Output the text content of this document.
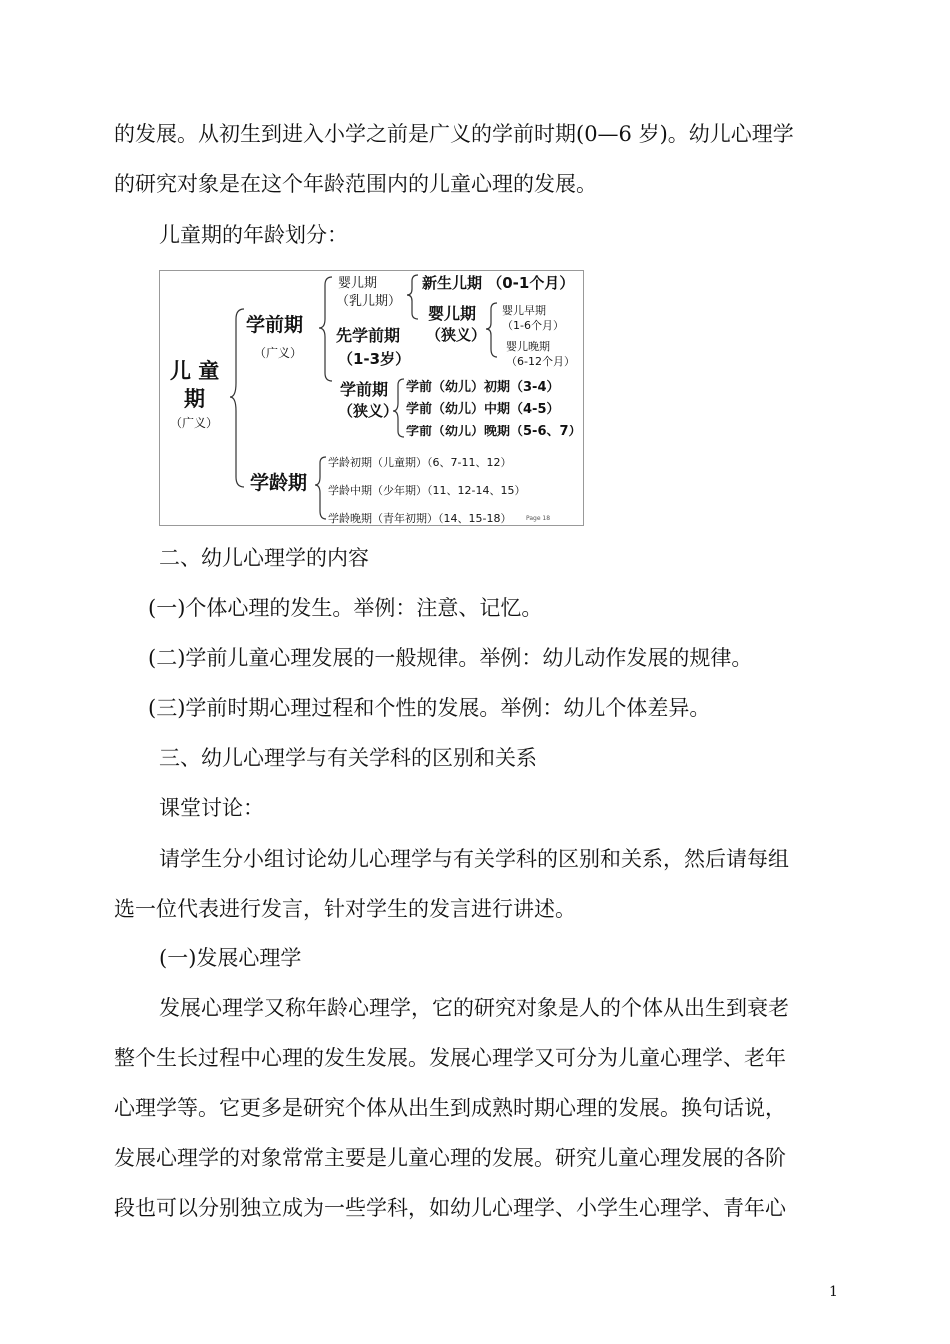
的发展。从初生到进入小学之前是广义的学前时期(0—6 岁)。幼儿心理学
的研究对象是在这个年龄范围内的儿童心理的发展。
儿童期的年龄划分：
儿 童
期
（广义）
学前期
（广义）
婴儿期
（乳儿期）
新生儿期 （0-1个月）
婴儿期
（狭义）
婴儿早期
（1-6个月）
婴儿晚期
（6-12个月）
先学前期
（1-3岁）
学前期
（狭义）
学前（幼儿）初期（3-4）
学前（幼儿）中期（4-5）
学前（幼儿）晚期（5-6、7）
学龄期
学龄初期（儿童期）（6、7-11、12）
学龄中期（少年期）（11、12-14、15）
学龄晚期（青年初期）（14、15-18） Page 18
二、幼儿心理学的内容
(一)个体心理的发生。举例：注意、记忆。
(二)学前儿童心理发展的一般规律。举例：幼儿动作发展的规律。
(三)学前时期心理过程和个性的发展。举例：幼儿个体差异。
三、幼儿心理学与有关学科的区别和关系
课堂讨论：
请学生分小组讨论幼儿心理学与有关学科的区别和关系，然后请每组
选一位代表进行发言，针对学生的发言进行讲述。
(一)发展心理学
发展心理学又称年龄心理学，它的研究对象是人的个体从出生到衰老
整个生长过程中心理的发生发展。发展心理学又可分为儿童心理学、老年
心理学等。它更多是研究个体从出生到成熟时期心理的发展。换句话说，
发展心理学的对象常常主要是儿童心理的发展。研究儿童心理发展的各阶
段也可以分别独立成为一些学科，如幼儿心理学、小学生心理学、青年心
1
